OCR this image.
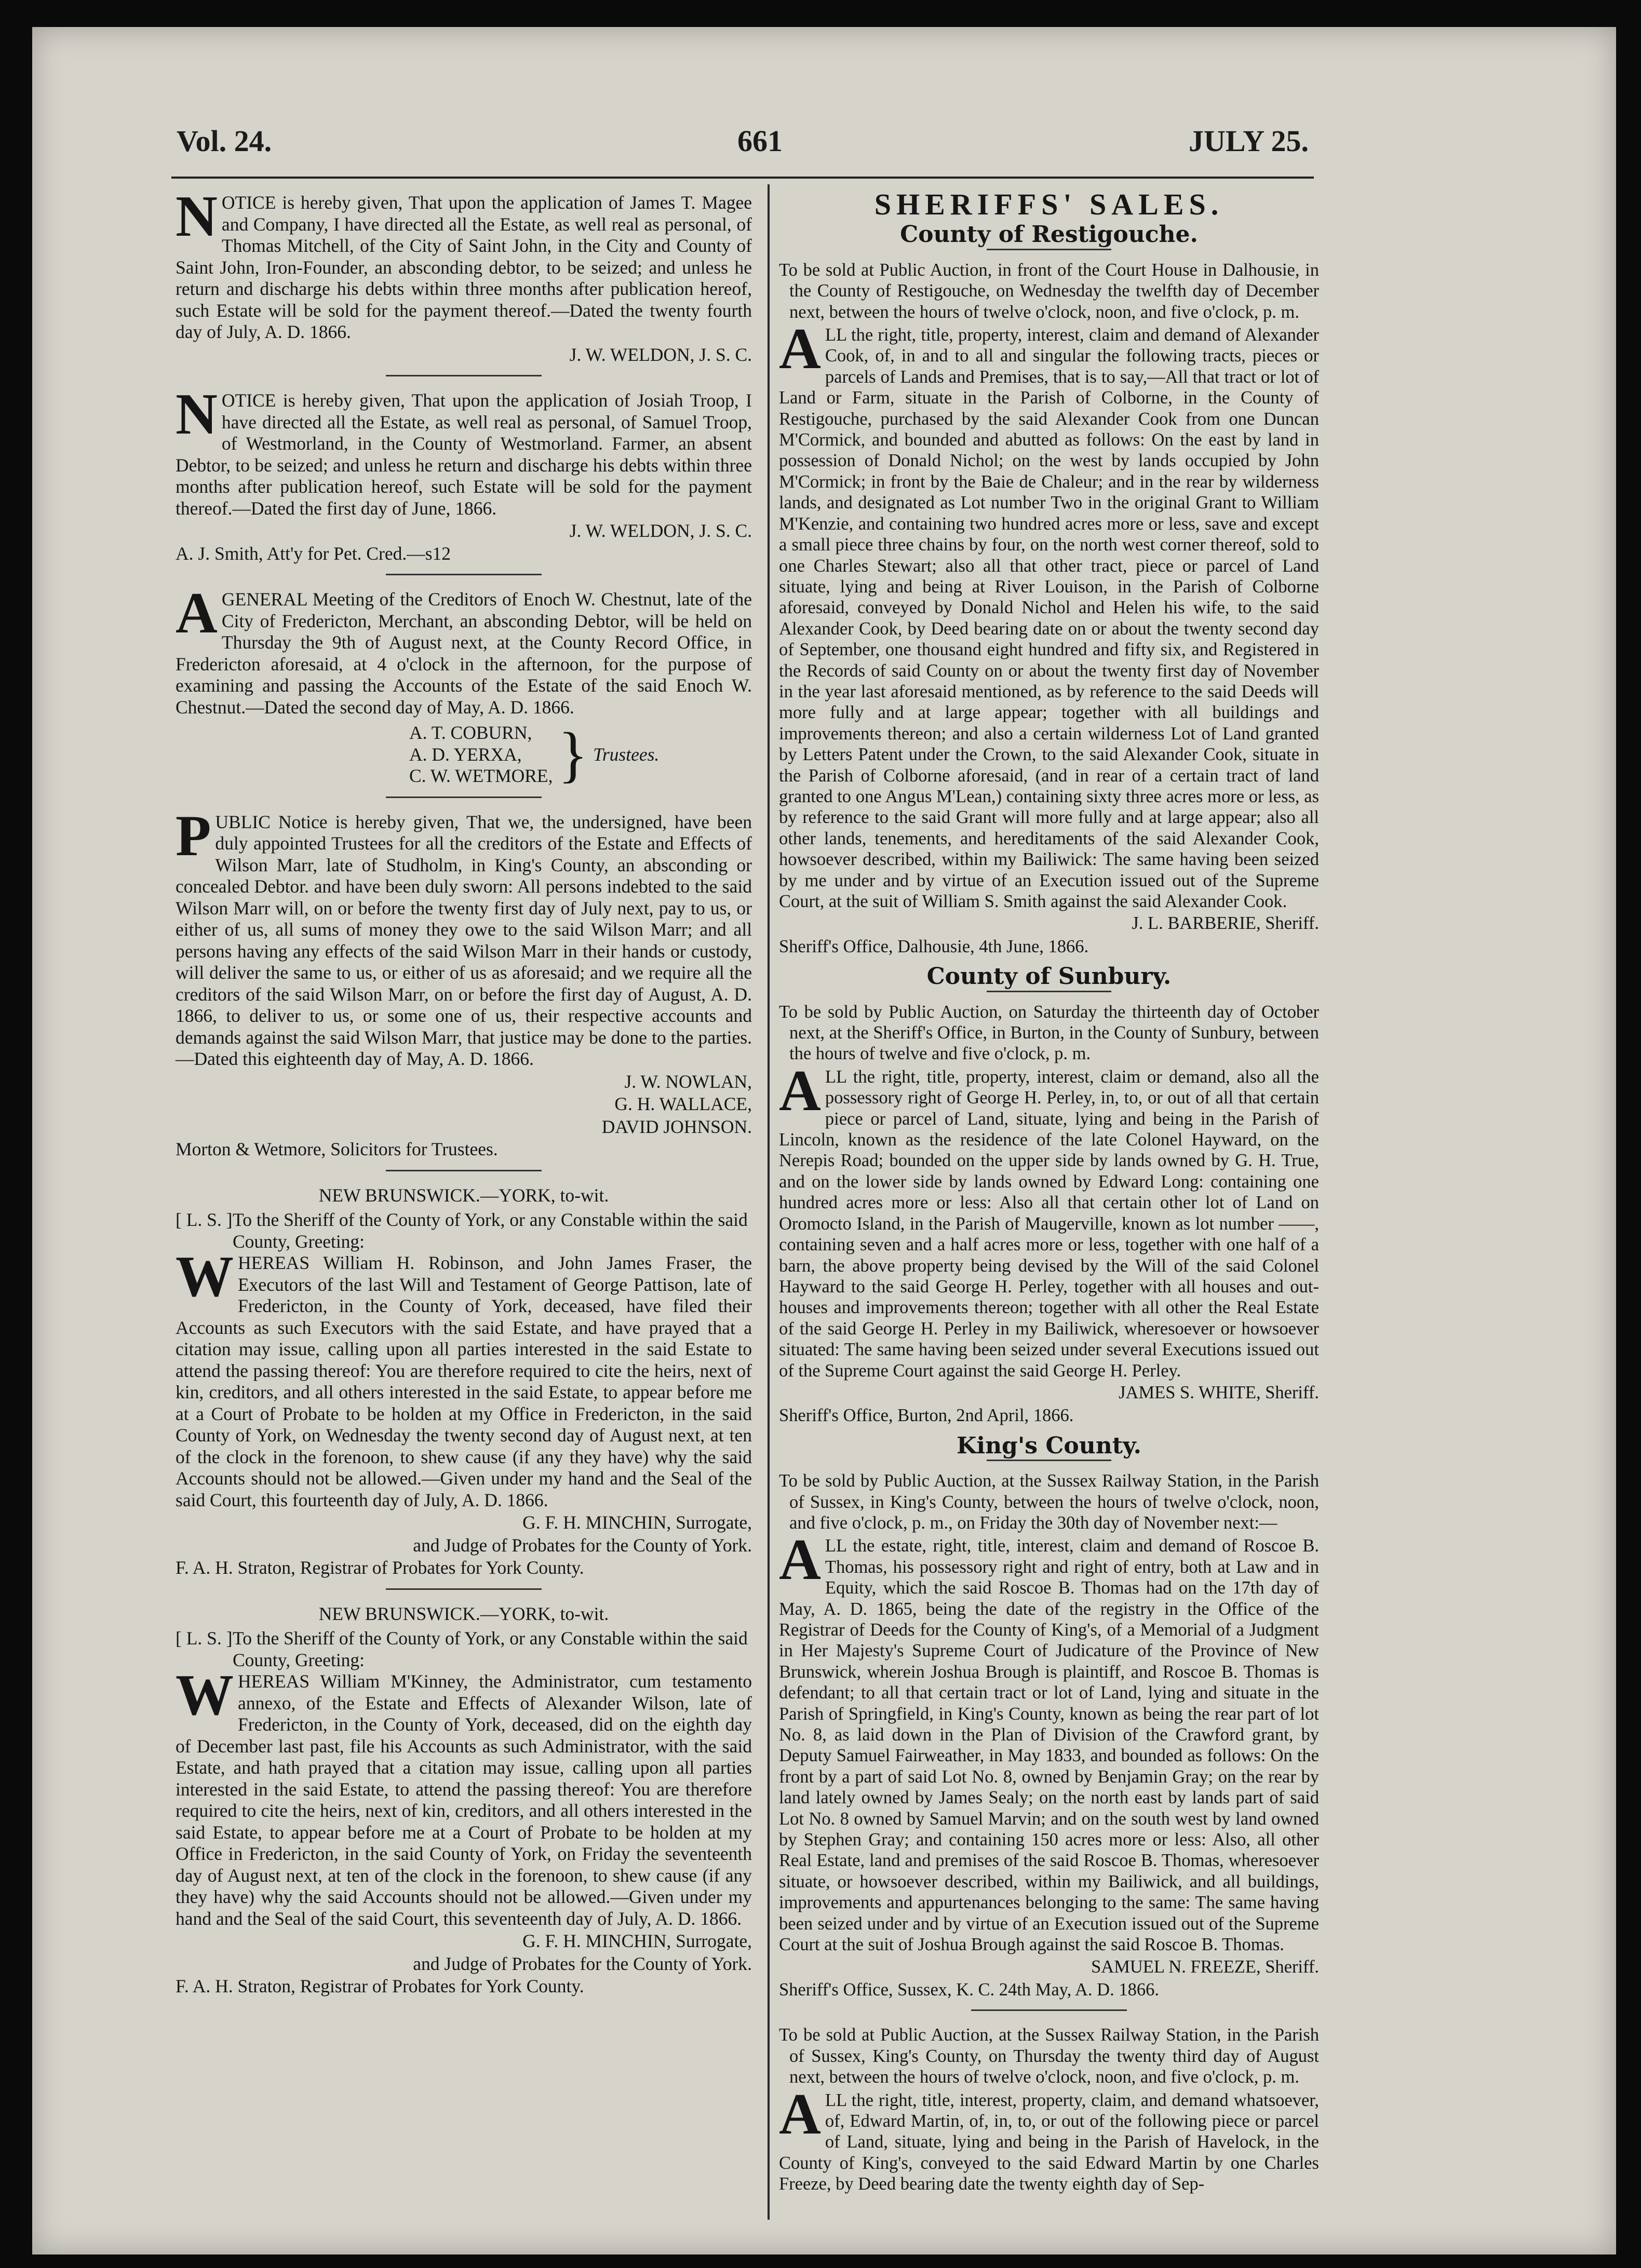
Vol. 24.	661	JULY 25.

NOTICE is hereby given, That upon the application of James T. Magee and Company, I have directed all the Estate, as well real as personal, of Thomas Mitchell, of the City of Saint John, in the City and County of Saint John, Iron-Founder, an absconding debtor, to be seized; and unless he return and discharge his debts within three months after publication hereof, such Estate will be sold for the payment thereof.—Dated the twenty fourth day of July, A. D. 1866.

J. W. WELDON, J. S. C.

NOTICE is hereby given, That upon the application of Josiah Troop, I have directed all the Estate, as well real as personal, of Samuel Troop, of Westmorland, in the County of Westmorland. Farmer, an absent Debtor, to be seized; and unless he return and discharge his debts within three months after publication hereof, such Estate will be sold for the payment thereof.—Dated the first day of June, 1866.

J. W. WELDON, J. S. C.

A. J. Smith, Att'y for Pet. Cred.—s12

AGENERAL Meeting of the Creditors of Enoch W. Chestnut, late of the City of Fredericton, Merchant, an absconding Debtor, will be held on Thursday the 9th of August next, at the County Record Office, in Fredericton aforesaid, at 4 o'clock in the afternoon, for the purpose of examining and passing the Accounts of the Estate of the said Enoch W. Chestnut.—Dated the second day of May, A. D. 1866.

A. T. COBURN,
A. D. YERXA,
C. W. WETMORE, } Trustees.

PUBLIC Notice is hereby given, That we, the undersigned, have been duly appointed Trustees for all the creditors of the Estate and Effects of Wilson Marr, late of Studholm, in King's County, an absconding or concealed Debtor. and have been duly sworn: All persons indebted to the said Wilson Marr will, on or before the twenty first day of July next, pay to us, or either of us, all sums of money they owe to the said Wilson Marr; and all persons having any effects of the said Wilson Marr in their hands or custody, will deliver the same to us, or either of us as aforesaid; and we require all the creditors of the said Wilson Marr, on or before the first day of August, A. D. 1866, to deliver to us, or some one of us, their respective accounts and demands against the said Wilson Marr, that justice may be done to the parties.—Dated this eighteenth day of May, A. D. 1866.

J. W. NOWLAN,

G. H. WALLACE,

DAVID JOHNSON.

Morton & Wetmore, Solicitors for Trustees.

NEW BRUNSWICK.—YORK, to-wit.

[ L. S. ] To the Sheriff of the County of York, or any Constable within the said County, Greeting:

WHEREAS William H. Robinson, and John James Fraser, the Executors of the last Will and Testament of George Pattison, late of Fredericton, in the County of York, deceased, have filed their Accounts as such Executors with the said Estate, and have prayed that a citation may issue, calling upon all parties interested in the said Estate to attend the passing thereof: You are therefore required to cite the heirs, next of kin, creditors, and all others interested in the said Estate, to appear before me at a Court of Probate to be holden at my Office in Fredericton, in the said County of York, on Wednesday the twenty second day of August next, at ten of the clock in the forenoon, to shew cause (if any they have) why the said Accounts should not be allowed.—Given under my hand and the Seal of the said Court, this fourteenth day of July, A. D. 1866.

G. F. H. MINCHIN, Surrogate,

and Judge of Probates for the County of York.

F. A. H. Straton, Registrar of Probates for York County.

NEW BRUNSWICK.—YORK, to-wit.

[ L. S. ] To the Sheriff of the County of York, or any Constable within the said County, Greeting:

WHEREAS William M'Kinney, the Administrator, cum testamento annexo, of the Estate and Effects of Alexander Wilson, late of Fredericton, in the County of York, deceased, did on the eighth day of December last past, file his Accounts as such Administrator, with the said Estate, and hath prayed that a citation may issue, calling upon all parties interested in the said Estate, to attend the passing thereof: You are therefore required to cite the heirs, next of kin, creditors, and all others interested in the said Estate, to appear before me at a Court of Probate to be holden at my Office in Fredericton, in the said County of York, on Friday the seventeenth day of August next, at ten of the clock in the forenoon, to shew cause (if any they have) why the said Accounts should not be allowed.—Given under my hand and the Seal of the said Court, this seventeenth day of July, A. D. 1866.

G. F. H. MINCHIN, Surrogate,

and Judge of Probates for the County of York.

F. A. H. Straton, Registrar of Probates for York County.

SHERIFFS' SALES.

County of Restigouche.

To be sold at Public Auction, in front of the Court House in Dalhousie, in the County of Restigouche, on Wednesday the twelfth day of December next, between the hours of twelve o'clock, noon, and five o'clock, p. m.

ALL the right, title, property, interest, claim and demand of Alexander Cook, of, in and to all and singular the following tracts, pieces or parcels of Lands and Premises, that is to say,—All that tract or lot of Land or Farm, situate in the Parish of Colborne, in the County of Restigouche, purchased by the said Alexander Cook from one Duncan M'Cormick, and bounded and abutted as follows: On the east by land in possession of Donald Nichol; on the west by lands occupied by John M'Cormick; in front by the Baie de Chaleur; and in the rear by wilderness lands, and designated as Lot number Two in the original Grant to William M'Kenzie, and containing two hundred acres more or less, save and except a small piece three chains by four, on the north west corner thereof, sold to one Charles Stewart; also all that other tract, piece or parcel of Land situate, lying and being at River Louison, in the Parish of Colborne aforesaid, conveyed by Donald Nichol and Helen his wife, to the said Alexander Cook, by Deed bearing date on or about the twenty second day of September, one thousand eight hundred and fifty six, and Registered in the Records of said County on or about the twenty first day of November in the year last aforesaid mentioned, as by reference to the said Deeds will more fully and at large appear; together with all buildings and improvements thereon; and also a certain wilderness Lot of Land granted by Letters Patent under the Crown, to the said Alexander Cook, situate in the Parish of Colborne aforesaid, (and in rear of a certain tract of land granted to one Angus M'Lean,) containing sixty three acres more or less, as by reference to the said Grant will more fully and at large appear; also all other lands, tenements, and hereditaments of the said Alexander Cook, howsoever described, within my Bailiwick: The same having been seized by me under and by virtue of an Execution issued out of the Supreme Court, at the suit of William S. Smith against the said Alexander Cook.

J. L. BARBERIE, Sheriff.

Sheriff's Office, Dalhousie, 4th June, 1866.

County of Sunbury.

To be sold by Public Auction, on Saturday the thirteenth day of October next, at the Sheriff's Office, in Burton, in the County of Sunbury, between the hours of twelve and five o'clock, p. m.

ALL the right, title, property, interest, claim or demand, also all the possessory right of George H. Perley, in, to, or out of all that certain piece or parcel of Land, situate, lying and being in the Parish of Lincoln, known as the residence of the late Colonel Hayward, on the Nerepis Road; bounded on the upper side by lands owned by G. H. True, and on the lower side by lands owned by Edward Long: containing one hundred acres more or less: Also all that certain other lot of Land on Oromocto Island, in the Parish of Maugerville, known as lot number ——, containing seven and a half acres more or less, together with one half of a barn, the above property being devised by the Will of the said Colonel Hayward to the said George H. Perley, together with all houses and out-houses and improvements thereon; together with all other the Real Estate of the said George H. Perley in my Bailiwick, wheresoever or howsoever situated: The same having been seized under several Executions issued out of the Supreme Court against the said George H. Perley.

JAMES S. WHITE, Sheriff.

Sheriff's Office, Burton, 2nd April, 1866.

King's County.

To be sold by Public Auction, at the Sussex Railway Station, in the Parish of Sussex, in King's County, between the hours of twelve o'clock, noon, and five o'clock, p. m., on Friday the 30th day of November next:—

ALL the estate, right, title, interest, claim and demand of Roscoe B. Thomas, his possessory right and right of entry, both at Law and in Equity, which the said Roscoe B. Thomas had on the 17th day of May, A. D. 1865, being the date of the registry in the Office of the Registrar of Deeds for the County of King's, of a Memorial of a Judgment in Her Majesty's Supreme Court of Judicature of the Province of New Brunswick, wherein Joshua Brough is plaintiff, and Roscoe B. Thomas is defendant; to all that certain tract or lot of Land, lying and situate in the Parish of Springfield, in King's County, known as being the rear part of lot No. 8, as laid down in the Plan of Division of the Crawford grant, by Deputy Samuel Fairweather, in May 1833, and bounded as follows: On the front by a part of said Lot No. 8, owned by Benjamin Gray; on the rear by land lately owned by James Sealy; on the north east by lands part of said Lot No. 8 owned by Samuel Marvin; and on the south west by land owned by Stephen Gray; and containing 150 acres more or less: Also, all other Real Estate, land and premises of the said Roscoe B. Thomas, wheresoever situate, or howsoever described, within my Bailiwick, and all buildings, improvements and appurtenances belonging to the same: The same having been seized under and by virtue of an Execution issued out of the Supreme Court at the suit of Joshua Brough against the said Roscoe B. Thomas.

SAMUEL N. FREEZE, Sheriff.

Sheriff's Office, Sussex, K. C. 24th May, A. D. 1866.

To be sold at Public Auction, at the Sussex Railway Station, in the Parish of Sussex, King's County, on Thursday the twenty third day of August next, between the hours of twelve o'clock, noon, and five o'clock, p. m.

ALL the right, title, interest, property, claim, and demand whatsoever, of, Edward Martin, of, in, to, or out of the following piece or parcel of Land, situate, lying and being in the Parish of Havelock, in the County of King's, conveyed to the said Edward Martin by one Charles Freeze, by Deed bearing date the twenty eighth day of Sep-
